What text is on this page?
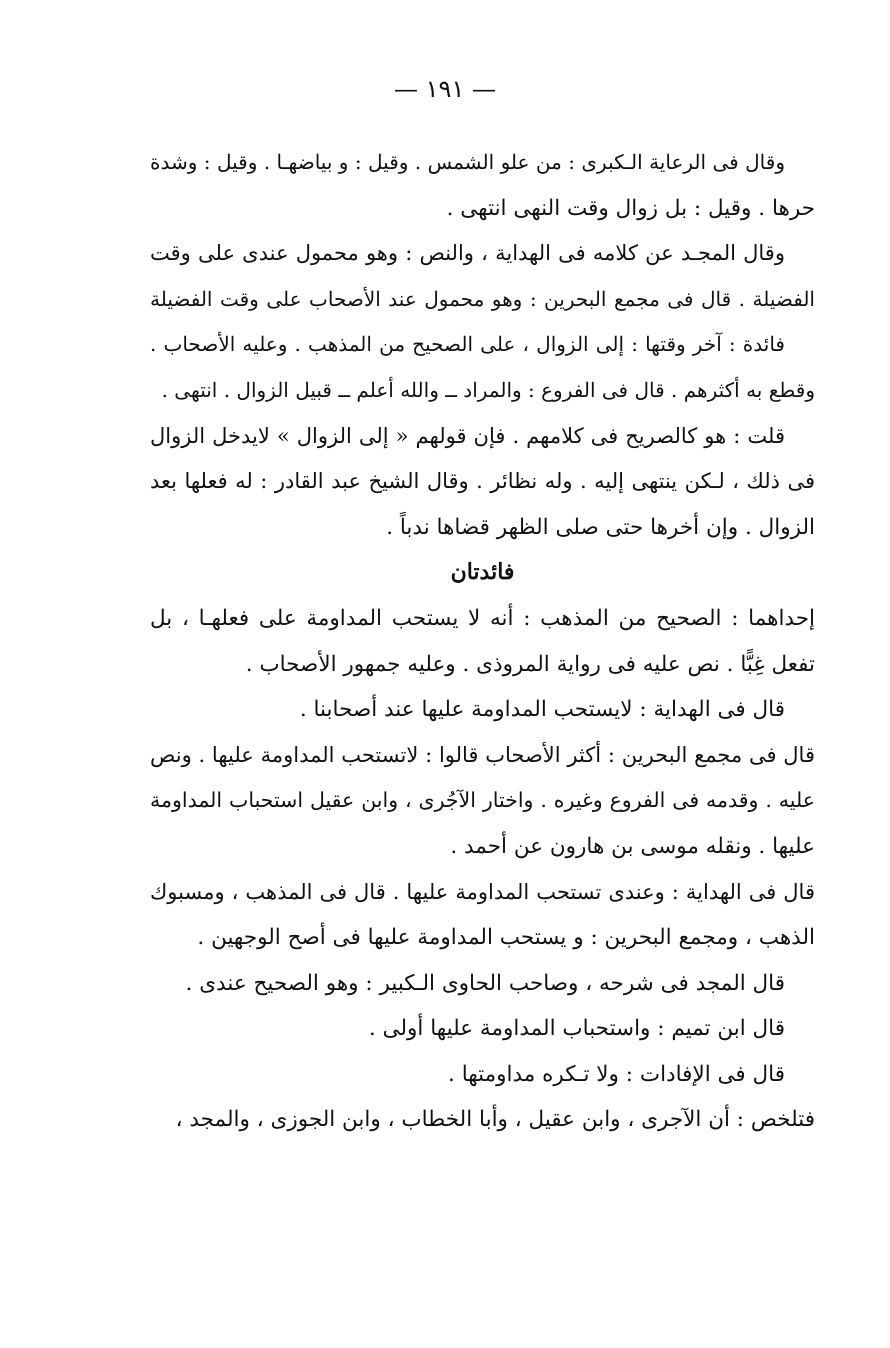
— ١٩١ —
وقال فى الرعاية الـكبرى : من علو الشمس . وقيل : و بياضهـا . وقيل : وشدة
حرها . وقيل : بل زوال وقت النهى انتهى .
وقال المجـد عن كلامه فى الهداية ، والنص : وهو محمول عندى على وقت
الفضيلة . قال فى مجمع البحرين : وهو محمول عند الأصحاب على وقت الفضيلة
فائدة : آخر وقتها : إلى الزوال ، على الصحيح من المذهب . وعليه الأصحاب .
وقطع به أكثرهم . قال فى الفروع : والمراد ــ والله أعلم ــ قبيل الزوال . انتهى .
قلت : هو كالصريح فى كلامهم . فإن قولهم « إلى الزوال » لايدخل الزوال
فى ذلك ، لـكن ينتهى إليه . وله نظائر . وقال الشيخ عبد القادر : له فعلها بعد
الزوال . وإن أخرها حتى صلى الظهر قضاها ندباً .
فائدتان
إحداهما : الصحيح من المذهب : أنه لا يستحب المداومة على فعلهـا ، بل
تفعل غِبًّا . نص عليه فى رواية المروذى . وعليه جمهور الأصحاب .
قال فى الهداية : لايستحب المداومة عليها عند أصحابنا .
قال فى مجمع البحرين : أكثر الأصحاب قالوا : لاتستحب المداومة عليها . ونص
عليه . وقدمه فى الفروع وغيره . واختار الآجُرى ، وابن عقيل استحباب المداومة
عليها . ونقله موسى بن هارون عن أحمد .
قال فى الهداية : وعندى تستحب المداومة عليها . قال فى المذهب ، ومسبوك
الذهب ، ومجمع البحرين : و يستحب المداومة عليها فى أصح الوجهين .
قال المجد فى شرحه ، وصاحب الحاوى الـكبير : وهو الصحيح عندى .
قال ابن تميم : واستحباب المداومة عليها أولى .
قال فى الإفادات : ولا تـكره مداومتها .
فتلخص : أن الآجرى ، وابن عقيل ، وأبا الخطاب ، وابن الجوزى ، والمجد ،
